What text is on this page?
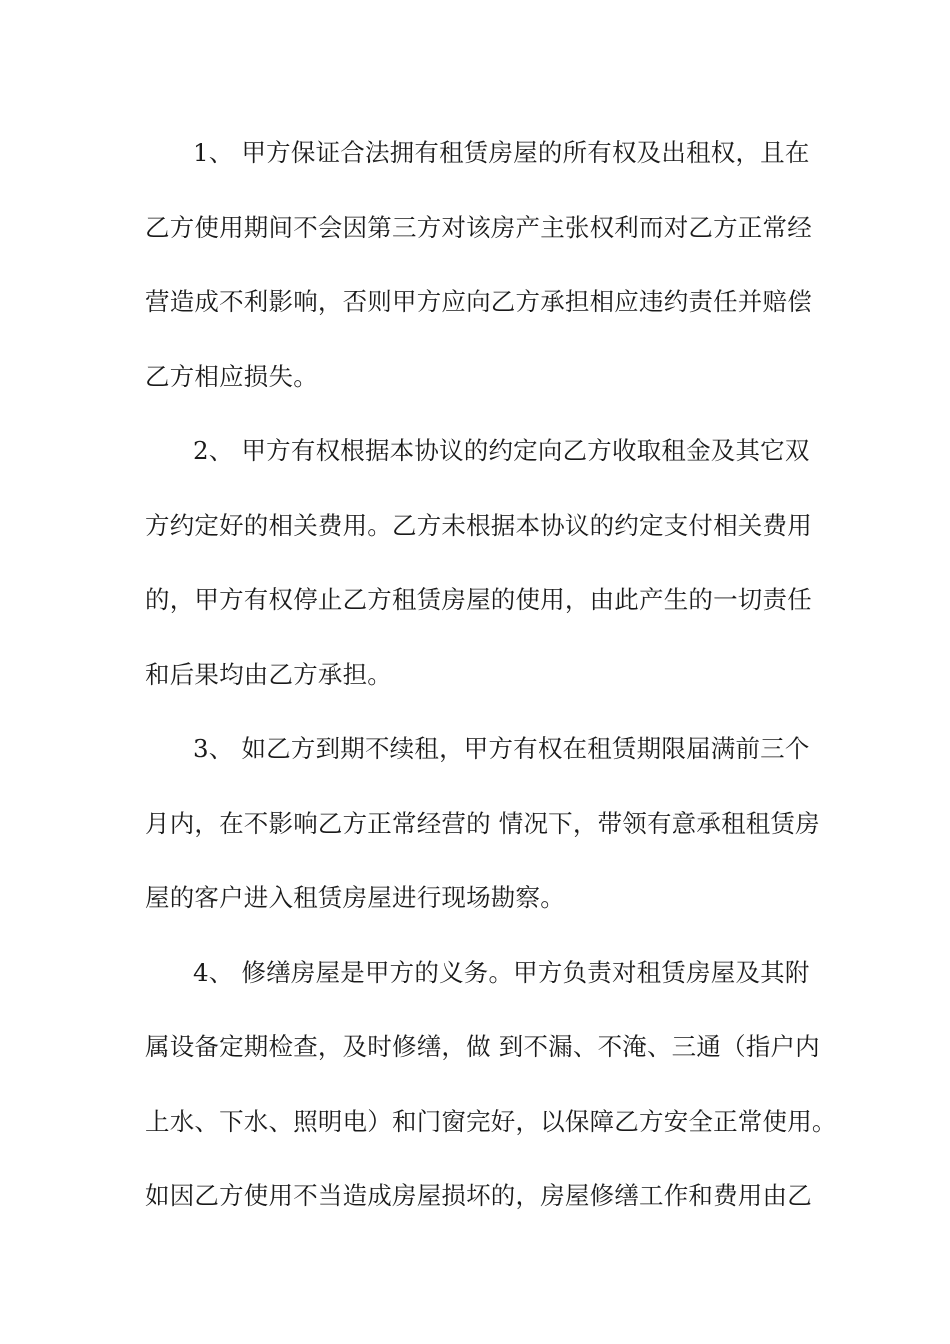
1、 甲方保证合法拥有租赁房屋的所有权及出租权，且在
乙方使用期间不会因第三方对该房产主张权利而对乙方正常经
营造成不利影响，否则甲方应向乙方承担相应违约责任并赔偿
乙方相应损失。
2、 甲方有权根据本协议的约定向乙方收取租金及其它双
方约定好的相关费用。乙方未根据本协议的约定支付相关费用
的，甲方有权停止乙方租赁房屋的使用，由此产生的一切责任
和后果均由乙方承担。
3、 如乙方到期不续租，甲方有权在租赁期限届满前三个
月内，在不影响乙方正常经营的 情况下，带领有意承租租赁房
屋的客户进入租赁房屋进行现场勘察。
4、 修缮房屋是甲方的义务。甲方负责对租赁房屋及其附
属设备定期检查，及时修缮，做 到不漏、不淹、三通（指户内
上水、下水、照明电）和门窗完好，以保障乙方安全正常使用。
如因乙方使用不当造成房屋损坏的，房屋修缮工作和费用由乙
